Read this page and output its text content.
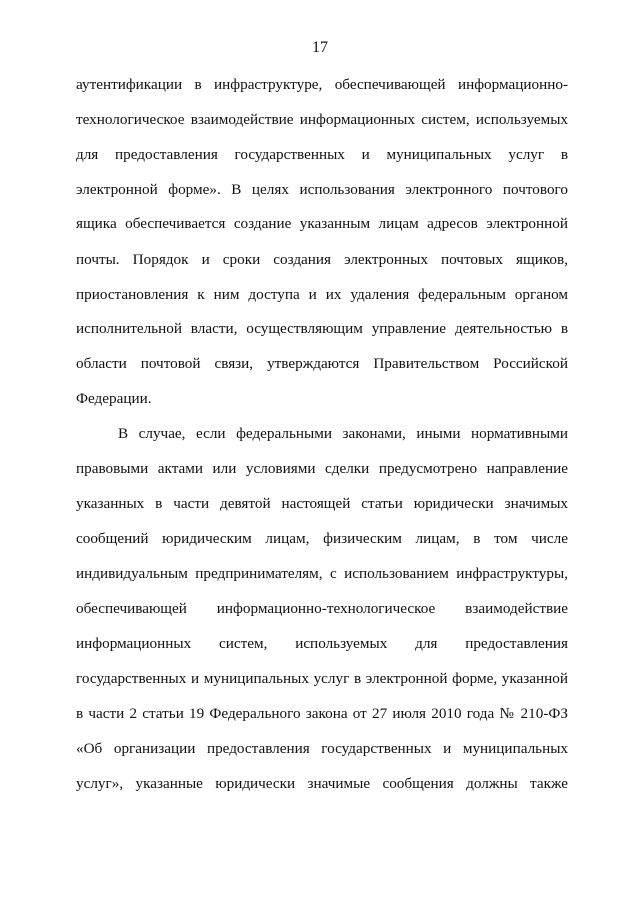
17
аутентификации в инфраструктуре, обеспечивающей информационно-
технологическое взаимодействие информационных систем, используемых
для предоставления государственных и муниципальных услуг в
электронной форме». В целях использования электронного почтового
ящика обеспечивается создание указанным лицам адресов электронной
почты. Порядок и сроки создания электронных почтовых ящиков,
приостановления к ним доступа и их удаления федеральным органом
исполнительной власти, осуществляющим управление деятельностью в
области почтовой связи, утверждаются Правительством Российской
Федерации.
В случае, если федеральными законами, иными нормативными
правовыми актами или условиями сделки предусмотрено направление
указанных в части девятой настоящей статьи юридически значимых
сообщений юридическим лицам, физическим лицам, в том числе
индивидуальным предпринимателям, с использованием инфраструктуры,
обеспечивающей информационно-технологическое взаимодействие
информационных систем, используемых для предоставления
государственных и муниципальных услуг в электронной форме, указанной
в части 2 статьи 19 Федерального закона от 27 июля 2010 года № 210-ФЗ
«Об организации предоставления государственных и муниципальных
услуг», указанные юридически значимые сообщения должны также
